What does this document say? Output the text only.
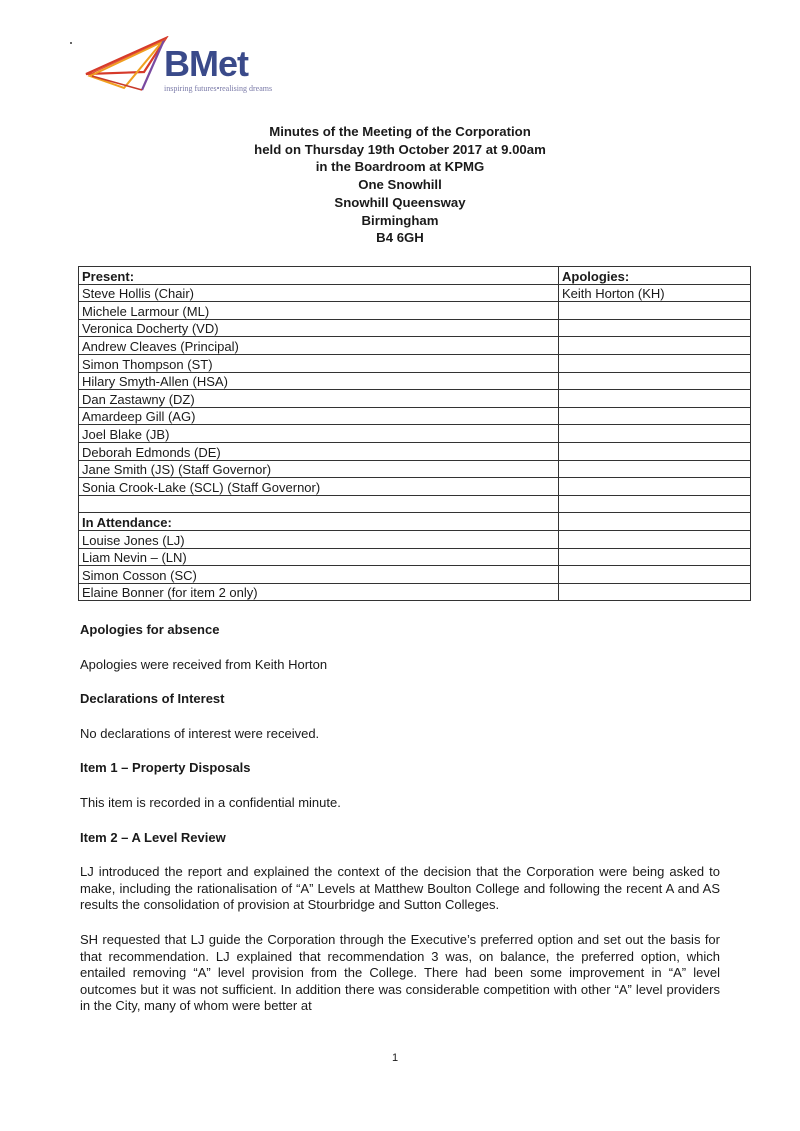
BMet
inspiring futures•realising dreams
Minutes of the Meeting of the Corporation
held on Thursday 19th October 2017 at 9.00am
in the Boardroom at KPMG
One Snowhill
Snowhill Queensway
Birmingham
B4 6GH
Present:	Apologies:
Steve Hollis (Chair)	Keith Horton (KH)
Michele Larmour (ML)	
Veronica Docherty (VD)	
Andrew Cleaves (Principal)	
Simon Thompson (ST)	
Hilary Smyth-Allen (HSA)	
Dan Zastawny (DZ)	
Amardeep Gill (AG)	
Joel Blake (JB)	
Deborah Edmonds (DE)	
Jane Smith (JS) (Staff Governor)	
Sonia Crook-Lake (SCL) (Staff Governor)	

In Attendance:	
Louise Jones (LJ)	
Liam Nevin – (LN)	
Simon Cosson (SC)	
Elaine Bonner (for item 2 only)	
Apologies for absence

Apologies were received from Keith Horton

Declarations of Interest

No declarations of interest were received.

Item 1 – Property Disposals

This item is recorded in a confidential minute.

Item 2 – A Level Review

LJ introduced the report and explained the context of the decision that the Corporation were being asked to make, including the rationalisation of “A” Levels at Matthew Boulton College and following the recent A and AS results the consolidation of provision at Stourbridge and Sutton Colleges.

SH requested that LJ guide the Corporation through the Executive’s preferred option and set out the basis for that recommendation. LJ explained that recommendation 3 was, on balance, the preferred option, which entailed removing “A” level provision from the College. There had been some improvement in “A” level outcomes but it was not sufficient. In addition there was considerable competition with other “A” level providers in the City, many of whom were better at

1
